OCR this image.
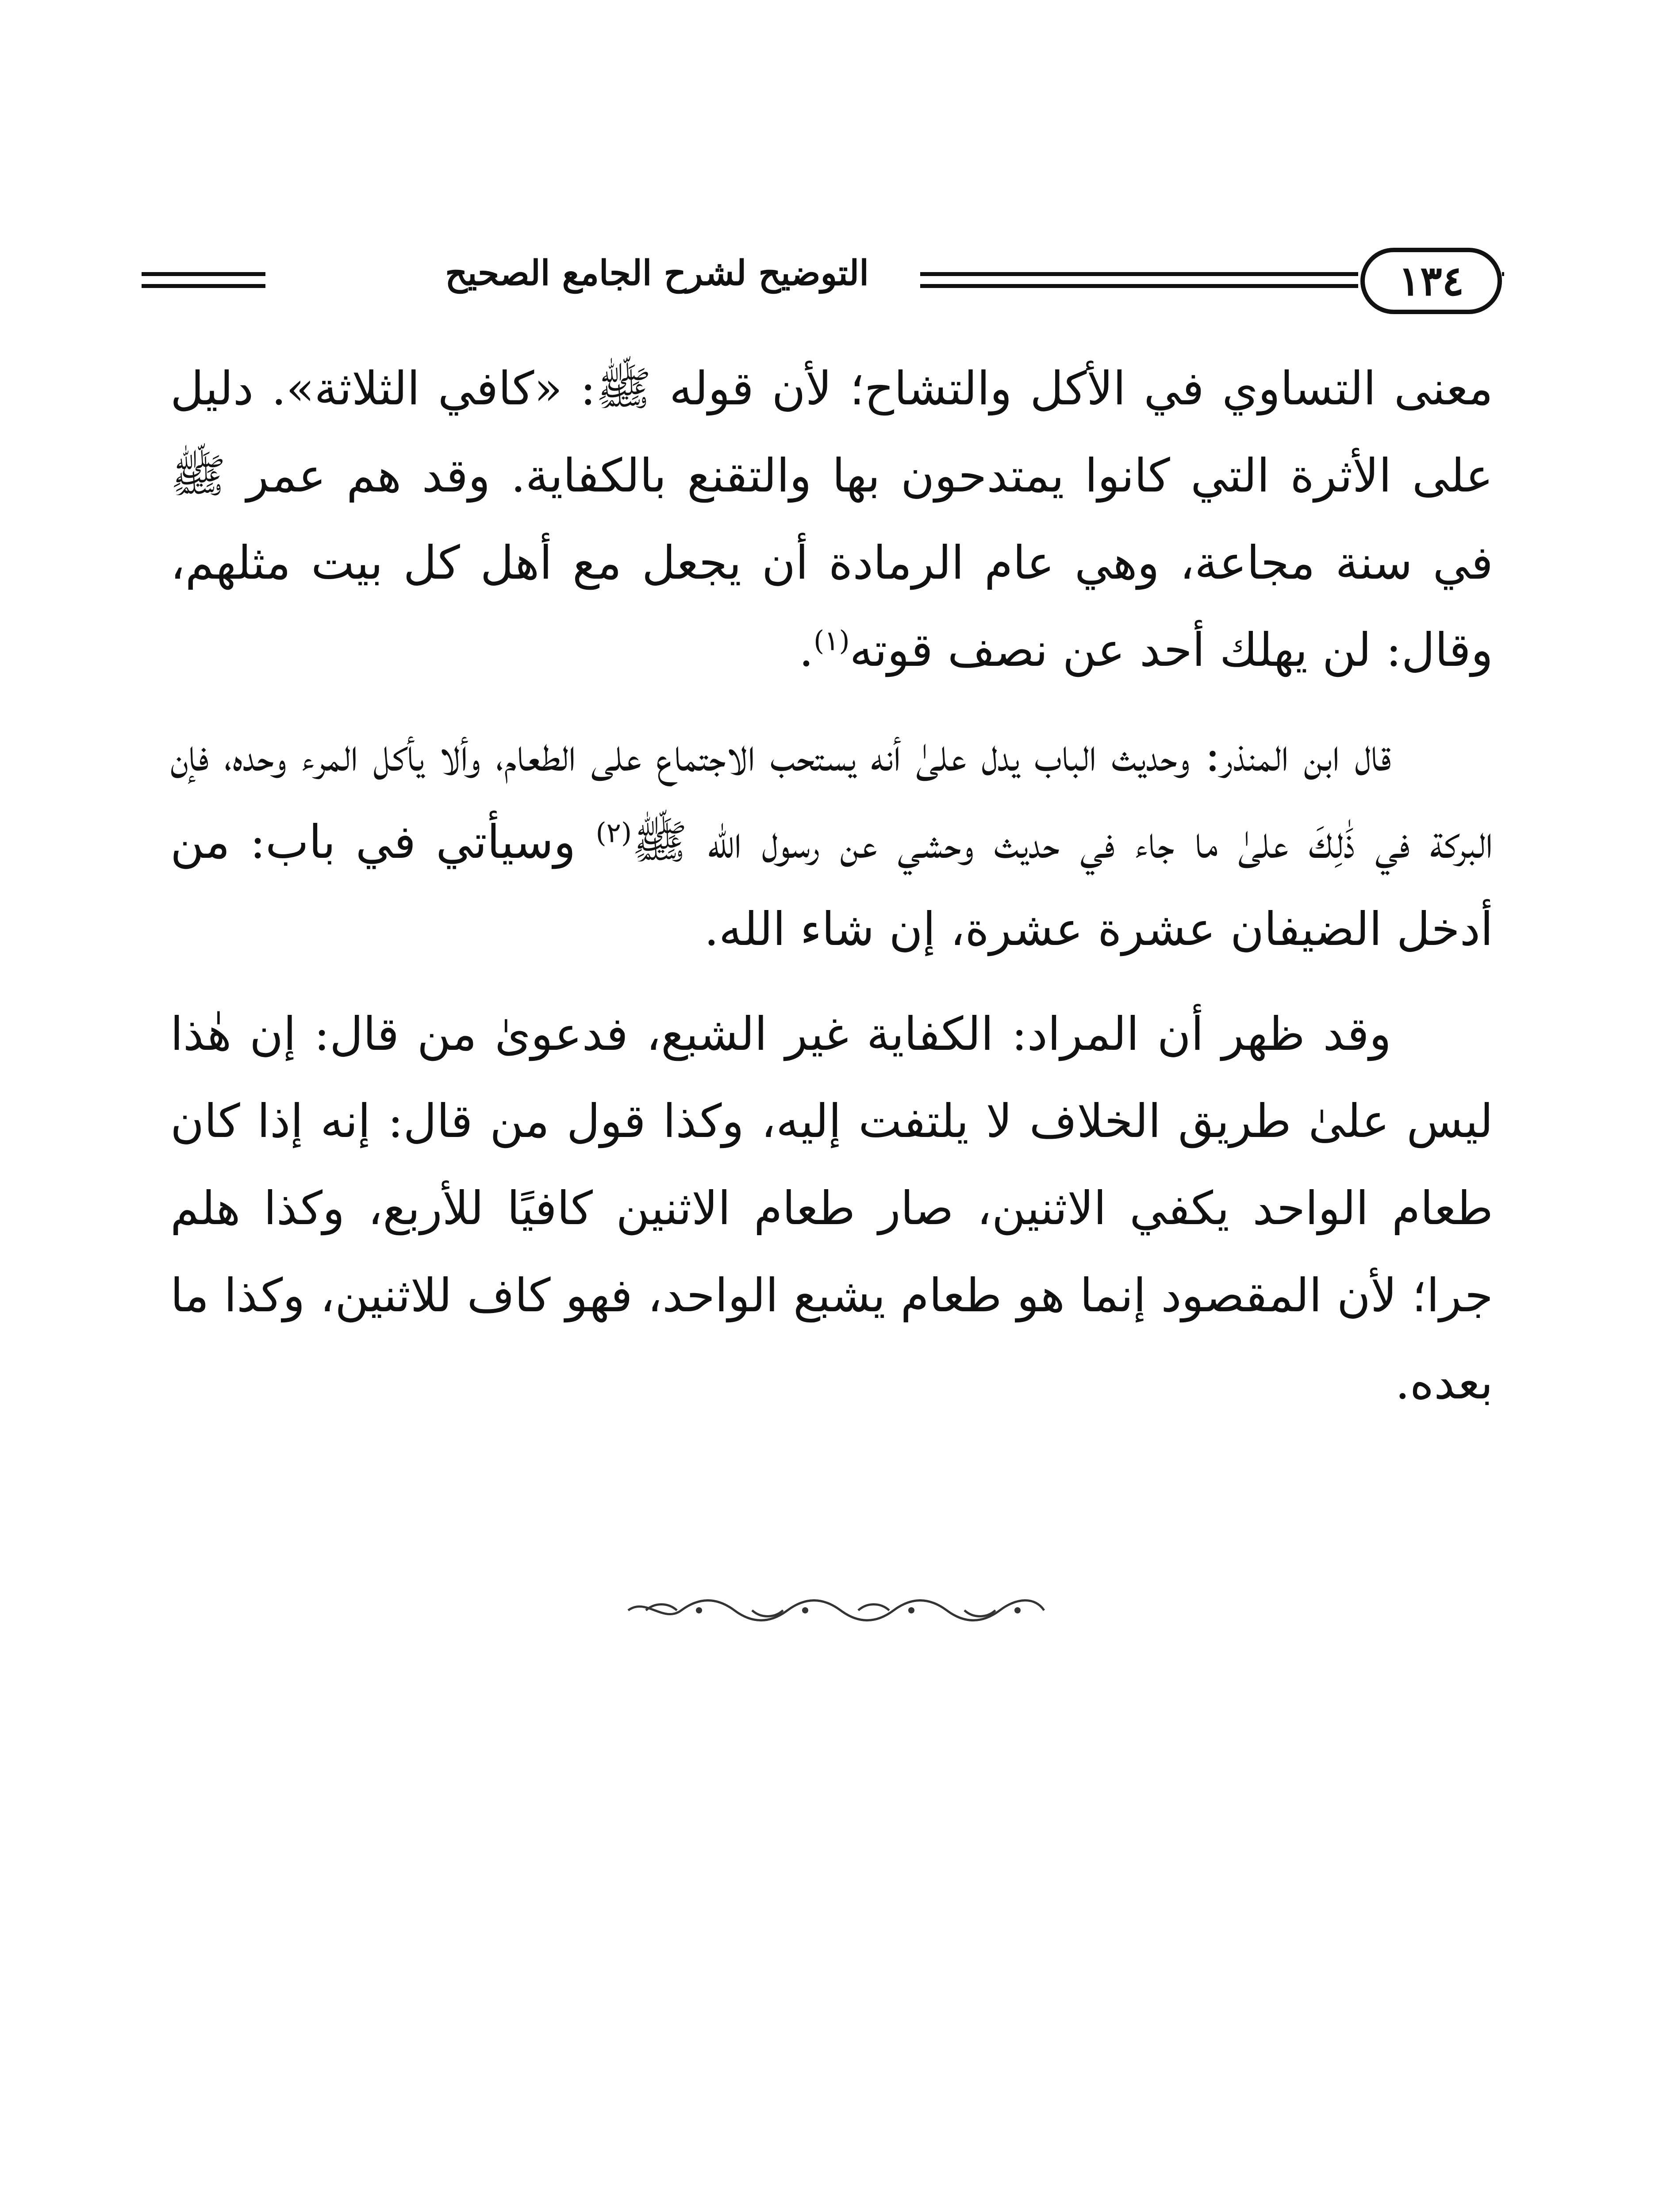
التوضيح لشرح الجامع الصحيح	١٣٤

معنى التساوي في الأكل والتشاح؛ لأن قوله ﷺ: «كافي الثلاثة». دليل على الأثرة التي كانوا يمتدحون بها والتقنع بالكفاية. وقد هم عمر ﷺ في سنة مجاعة، وهي عام الرمادة أن يجعل مع أهل كل بيت مثلهم، وقال: لن يهلك أحد عن نصف قوته$^{(١)}$.

قال ابن المنذر: وحديث الباب يدل علىٰ أنه يستحب الاجتماع على الطعام، وألا يأكل المرء وحده، فإن البركة في ذَٰلِكَ علىٰ ما جاء في حديث وحشي عن رسول الله ﷺ$^{(٢)}$ وسيأتي في باب: من أدخل الضيفان عشرة عشرة، إن شاء الله.

وقد ظهر أن المراد: الكفاية غير الشبع، فدعوىٰ من قال: إن هٰذا ليس علىٰ طريق الخلاف لا يلتفت إليه، وكذا قول من قال: إنه إذا كان طعام الواحد يكفي الاثنين، صار طعام الاثنين كافيًا للأربع، وكذا هلم جرا؛ لأن المقصود إنما هو طعام يشبع الواحد، فهو كاف للاثنين، وكذا ما بعده.
